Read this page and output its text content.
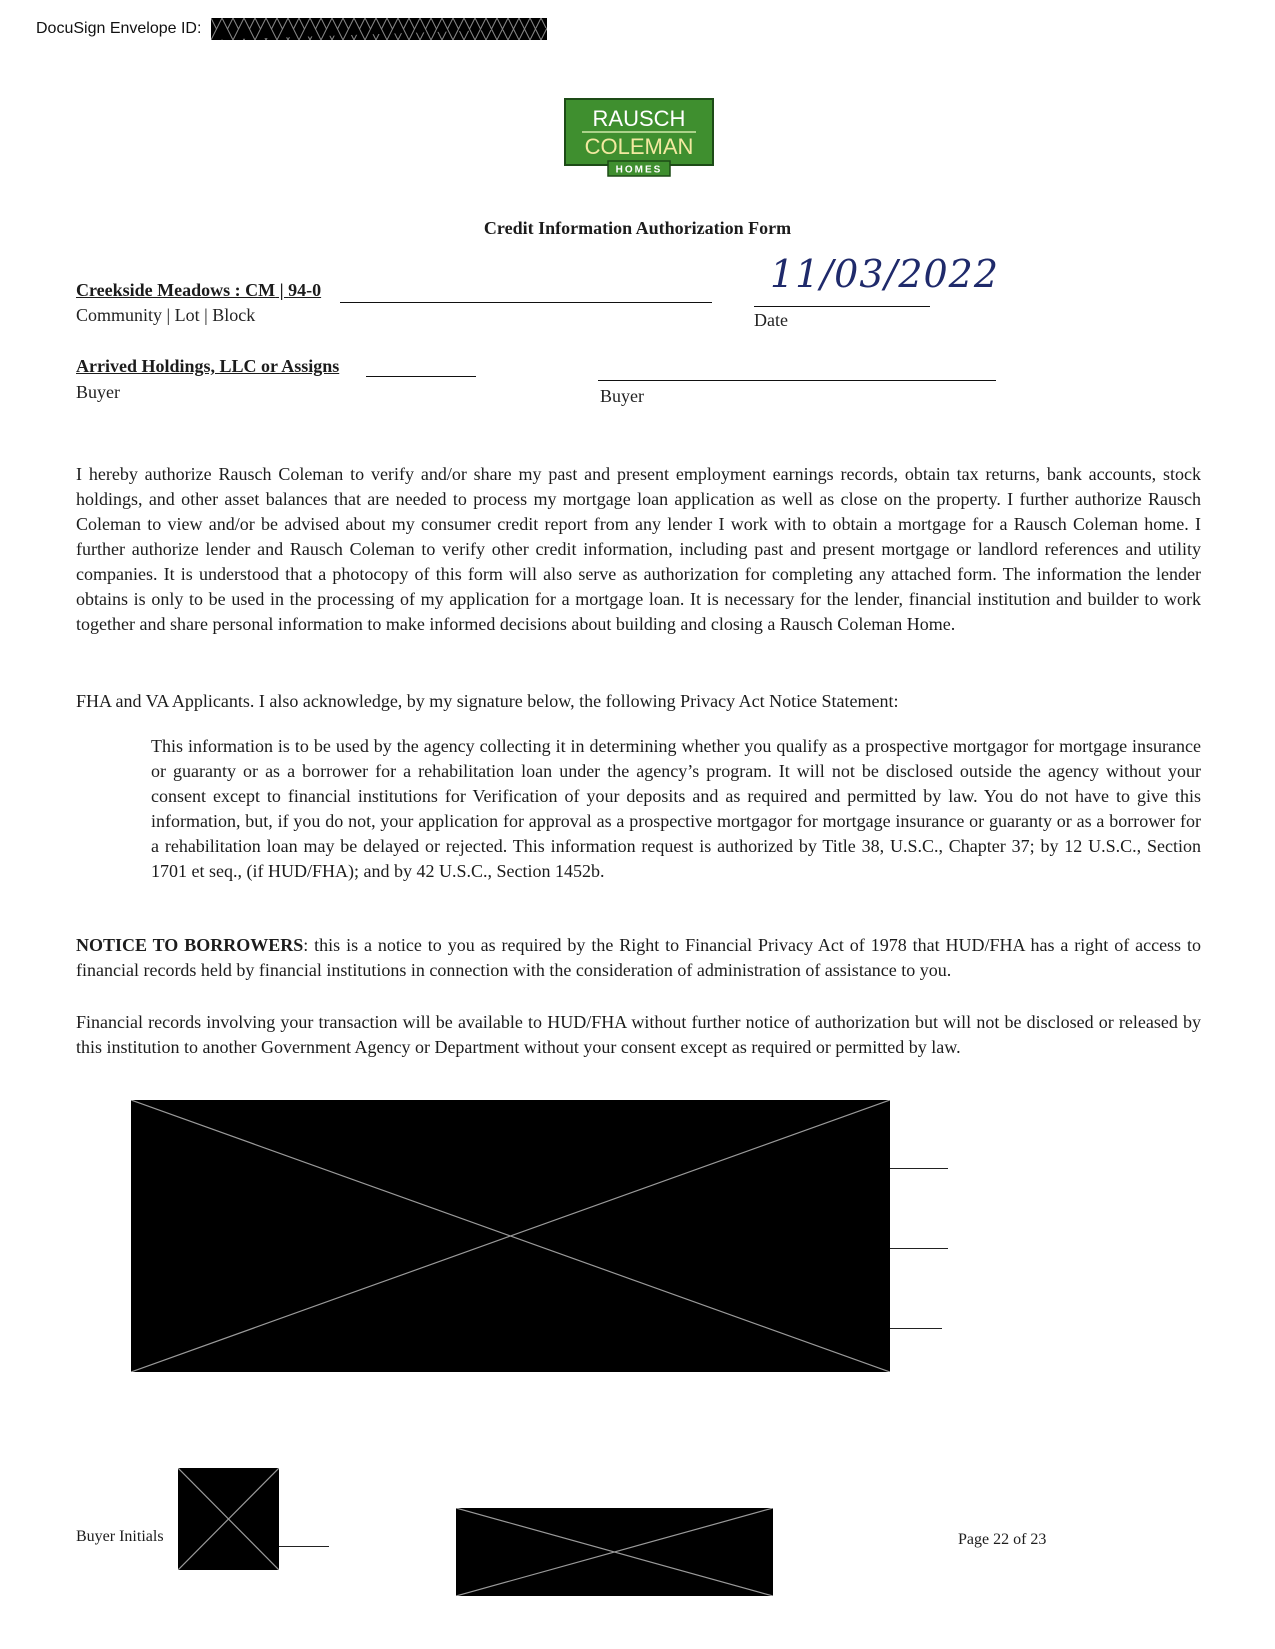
DocuSign Envelope ID:
RAUSCH
COLEMAN
HOMES
Credit Information Authorization Form
Creekside Meadows : CM | 94-0
Community | Lot | Block
11/03/2022
Date
Arrived Holdings, LLC or Assigns
Buyer	Buyer
I hereby authorize Rausch Coleman to verify and/or share my past and present employment earnings records, obtain tax returns, bank accounts, stock holdings, and other asset balances that are needed to process my mortgage loan application as well as close on the property. I further authorize Rausch Coleman to view and/or be advised about my consumer credit report from any lender I work with to obtain a mortgage for a Rausch Coleman home. I further authorize lender and Rausch Coleman to verify other credit information, including past and present mortgage or landlord references and utility companies. It is understood that a photocopy of this form will also serve as authorization for completing any attached form. The information the lender obtains is only to be used in the processing of my application for a mortgage loan. It is necessary for the lender, financial institution and builder to work together and share personal information to make informed decisions about building and closing a Rausch Coleman Home.
FHA and VA Applicants. I also acknowledge, by my signature below, the following Privacy Act Notice Statement:
This information is to be used by the agency collecting it in determining whether you qualify as a prospective mortgagor for mortgage insurance or guaranty or as a borrower for a rehabilitation loan under the agency’s program. It will not be disclosed outside the agency without your consent except to financial institutions for Verification of your deposits and as required and permitted by law. You do not have to give this information, but, if you do not, your application for approval as a prospective mortgagor for mortgage insurance or guaranty or as a borrower for a rehabilitation loan may be delayed or rejected. This information request is authorized by Title 38, U.S.C., Chapter 37; by 12 U.S.C., Section 1701 et seq., (if HUD/FHA); and by 42 U.S.C., Section 1452b.
NOTICE TO BORROWERS: this is a notice to you as required by the Right to Financial Privacy Act of 1978 that HUD/FHA has a right of access to financial records held by financial institutions in connection with the consideration of administration of assistance to you.
Financial records involving your transaction will be available to HUD/FHA without further notice of authorization but will not be disclosed or released by this institution to another Government Agency or Department without your consent except as required or permitted by law.
Buyer Initials	Page 22 of 23
